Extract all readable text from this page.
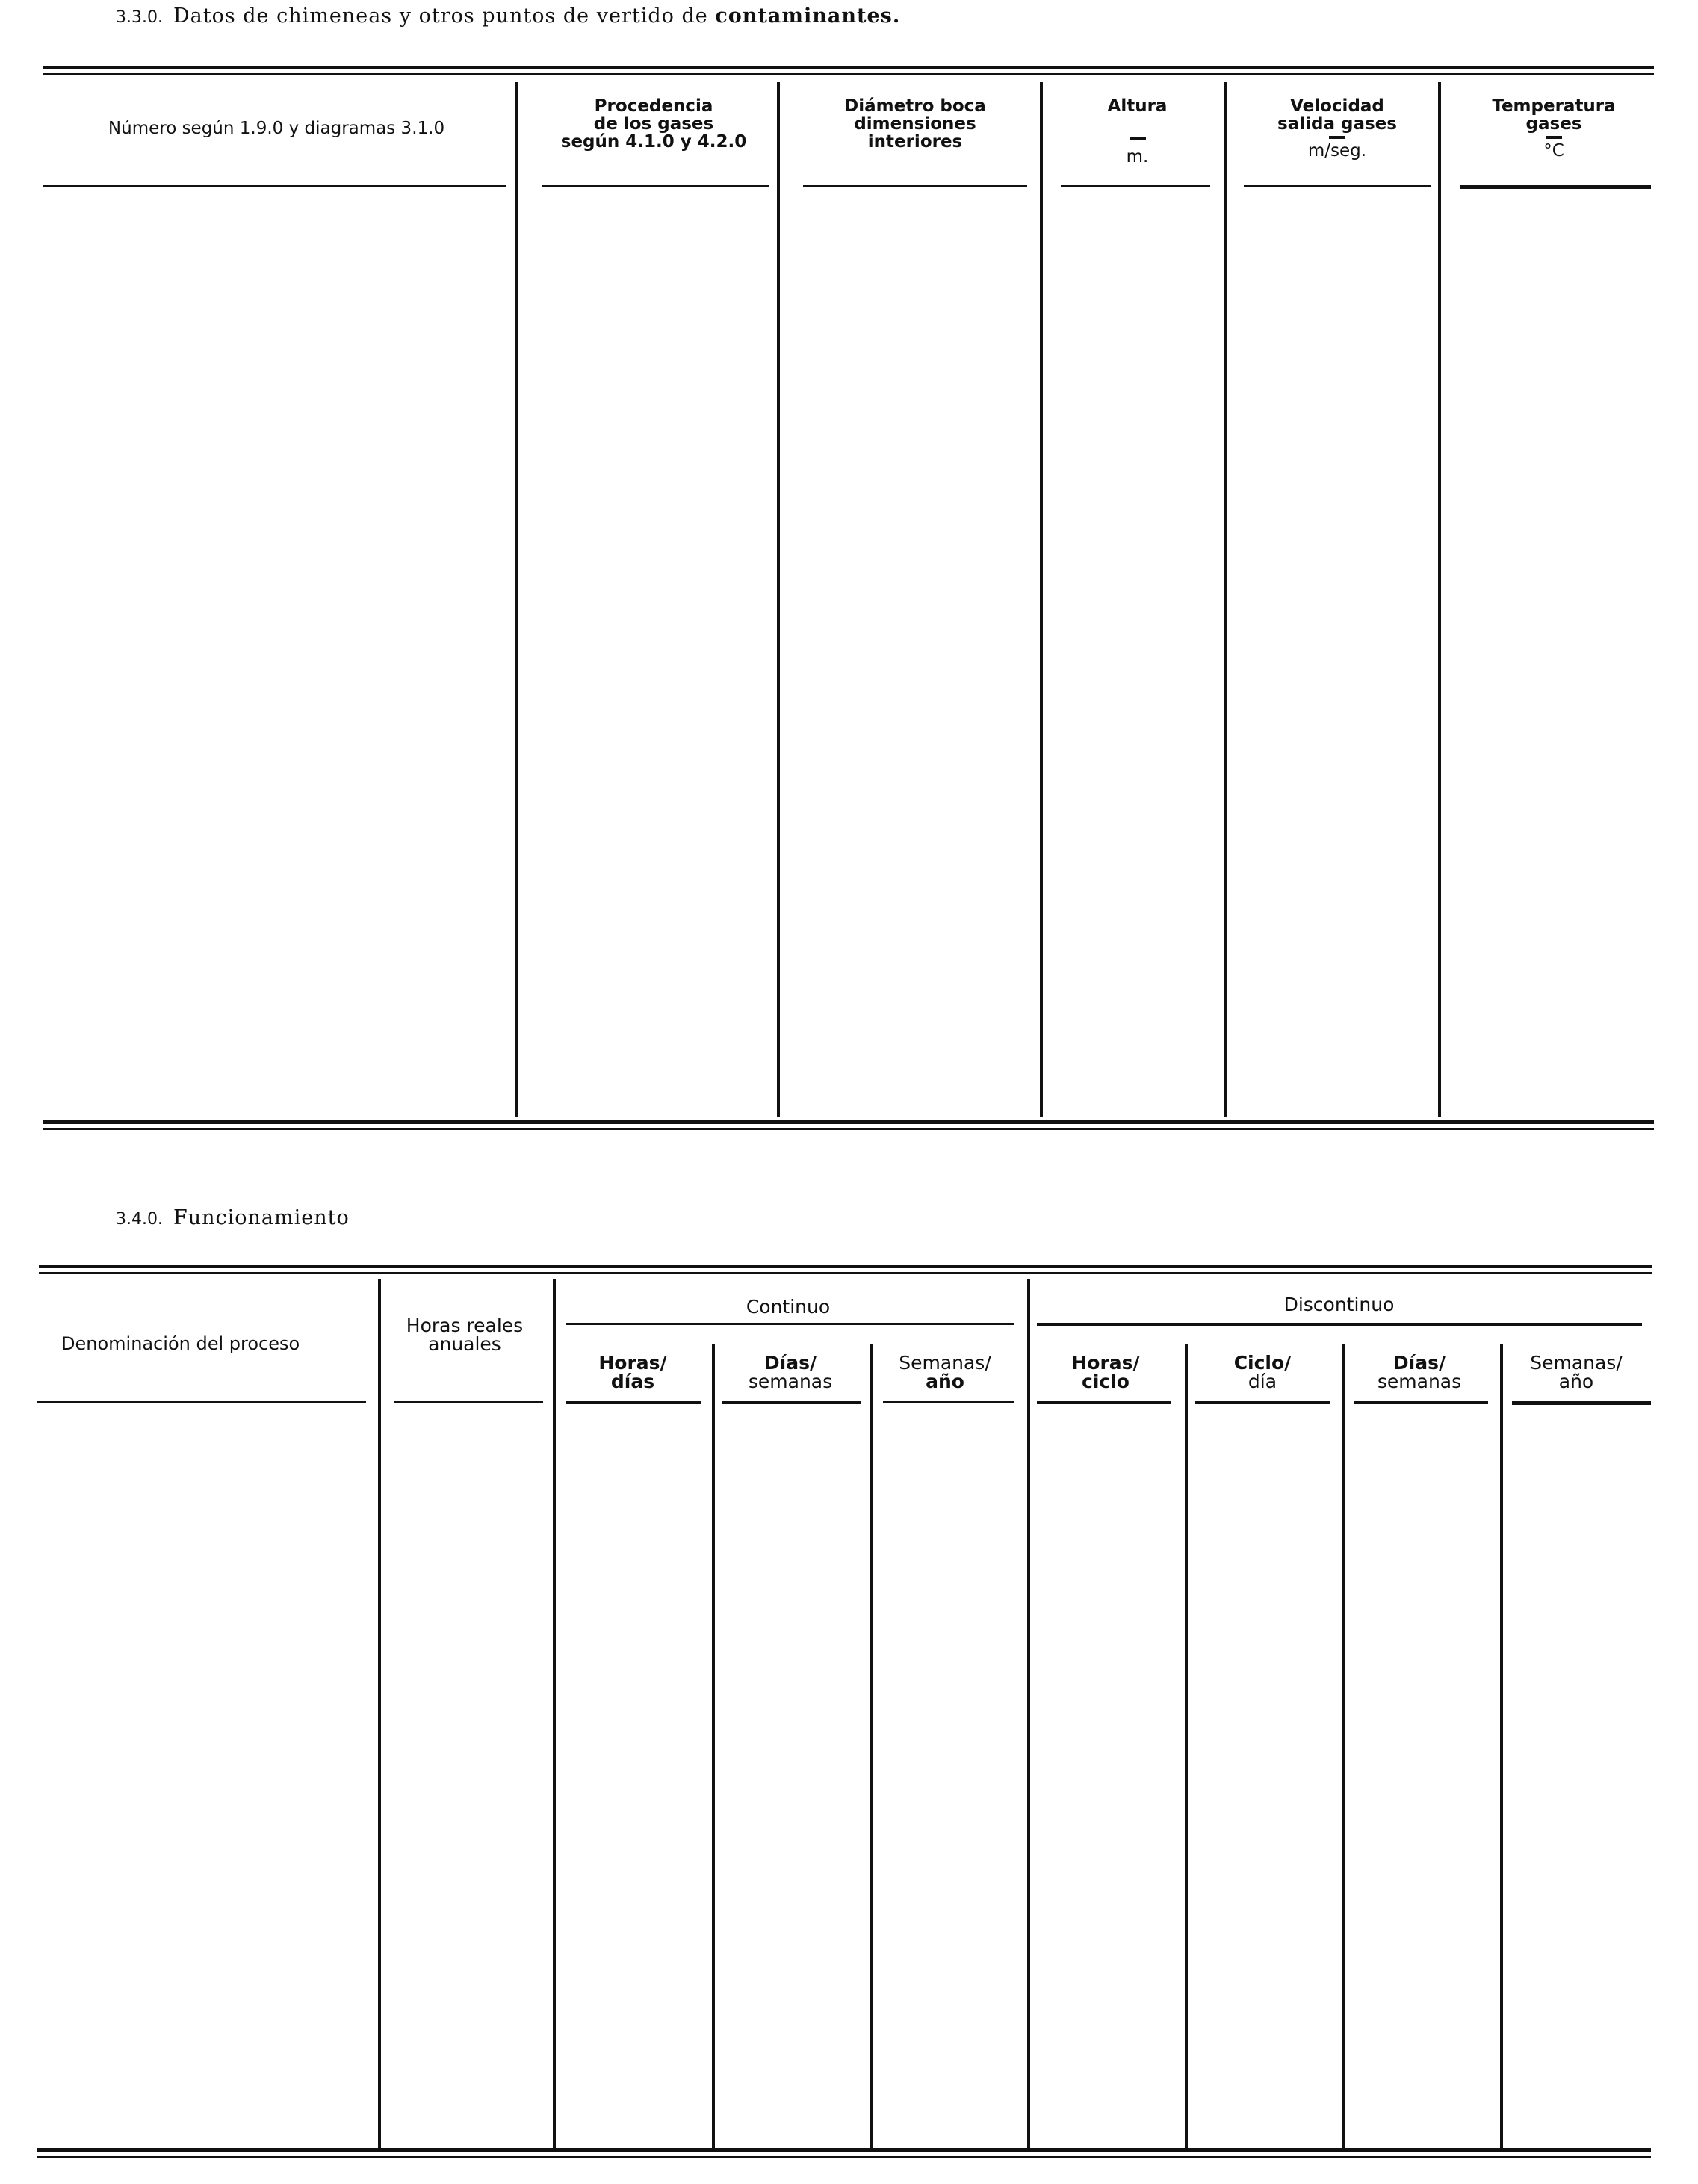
3.3.0. Datos de chimeneas y otros puntos de vertido de contaminantes.
Número según 1.9.0 y diagramas 3.1.0
Procedencia
de los gases
según 4.1.0 y 4.2.0
Diámetro boca
dimensiones
interiores
Altura
m.
Velocidad
salida gases
m/seg.
Temperatura
gases
°C
3.4.0. Funcionamiento
Denominación del proceso
Horas reales
anuales
Continuo	Discontinuo
Horas/
días
Días/
semanas
Semanas/
año
Horas/
ciclo
Ciclo/
día
Días/
semanas
Semanas/
año
